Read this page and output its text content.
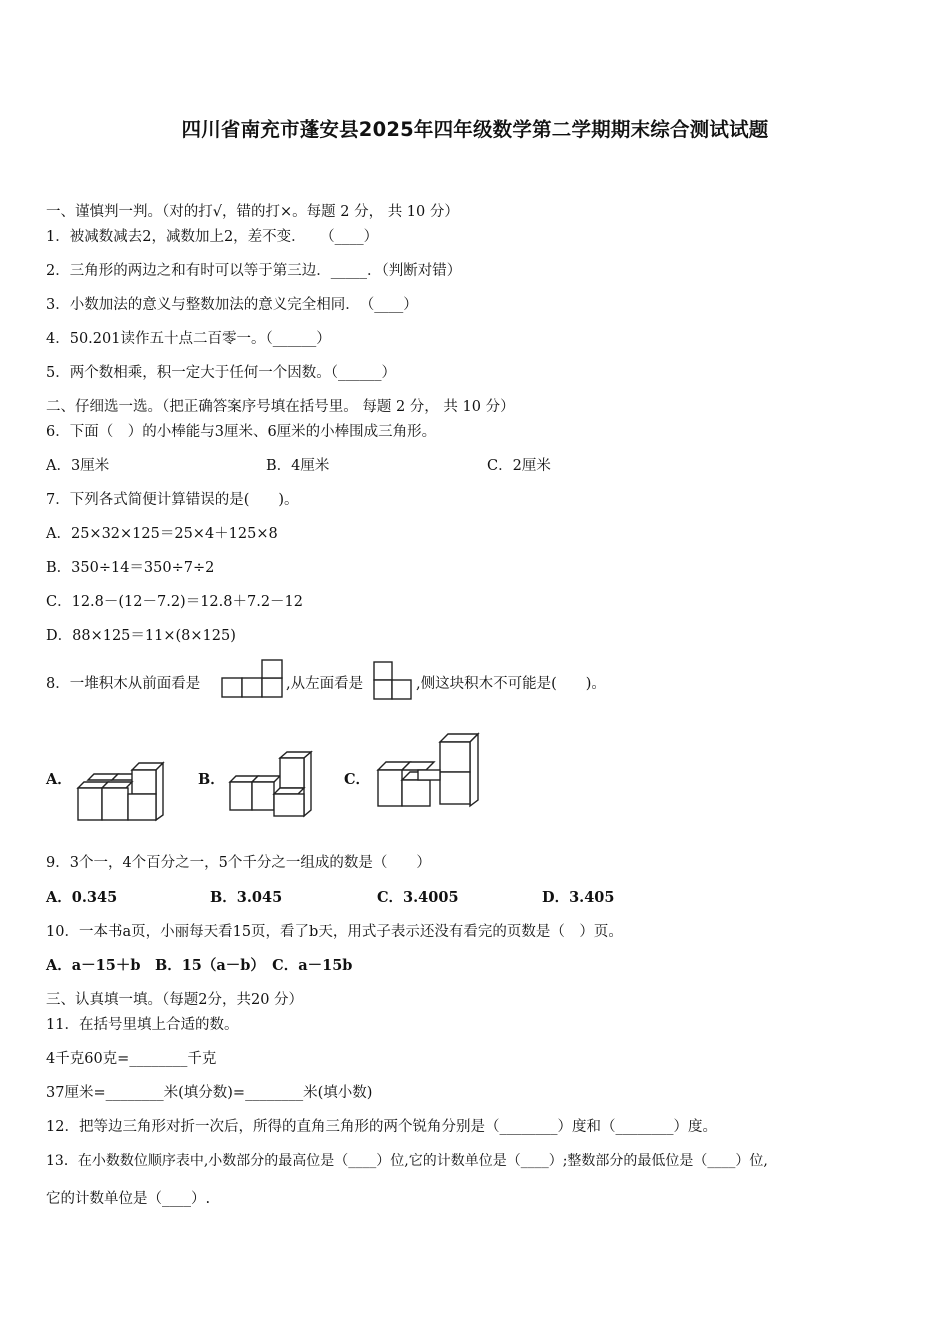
四川省南充市蓬安县2025年四年级数学第二学期期末综合测试试题
一、谨慎判一判。（对的打√，错的打×。每题 2 分， 共 10 分）
1．被减数减去2，减数加上2，差不变．　　（____）
2．三角形的两边之和有时可以等于第三边．_____．（判断对错）
3．小数加法的意义与整数加法的意义完全相同．　（____）
4．50.201读作五十点二百零一。（______）
5．两个数相乘，积一定大于任何一个因数。（______）
二、仔细选一选。（把正确答案序号填在括号里。 每题 2 分， 共 10 分）
6．下面（　）的小棒能与3厘米、6厘米的小棒围成三角形。
A．3厘米	B．4厘米	C．2厘米
7．下列各式简便计算错误的是(　　)。
A．25×32×125＝25×4＋125×8
B．350÷14＝350÷7÷2
C．12.8－(12－7.2)＝12.8＋7.2－12
D．88×125＝11×(8×125)
8．一堆积木从前面看是	,从左面看是	,侧这块积木不可能是(　　)。
A．	B．	C．
9．3个一，4个百分之一，5个千分之一组成的数是（　　）
A．0.345	B．3.045	C．3.4005	D．3.405
10．一本书a页，小丽每天看15页，看了b天，用式子表示还没有看完的页数是（　）页。
A．a－15＋b　B．15（a－b）　C．a－15b
三、认真填一填。（每题2分，共20 分）
11．在括号里填上合适的数。
4千克60克=________千克
37厘米=________米(填分数)=________米(填小数)
12．把等边三角形对折一次后，所得的直角三角形的两个锐角分别是（________）度和（________）度。
13．在小数数位顺序表中,小数部分的最高位是（____）位,它的计数单位是（____）;整数部分的最低位是（____）位,
它的计数单位是（____）.
